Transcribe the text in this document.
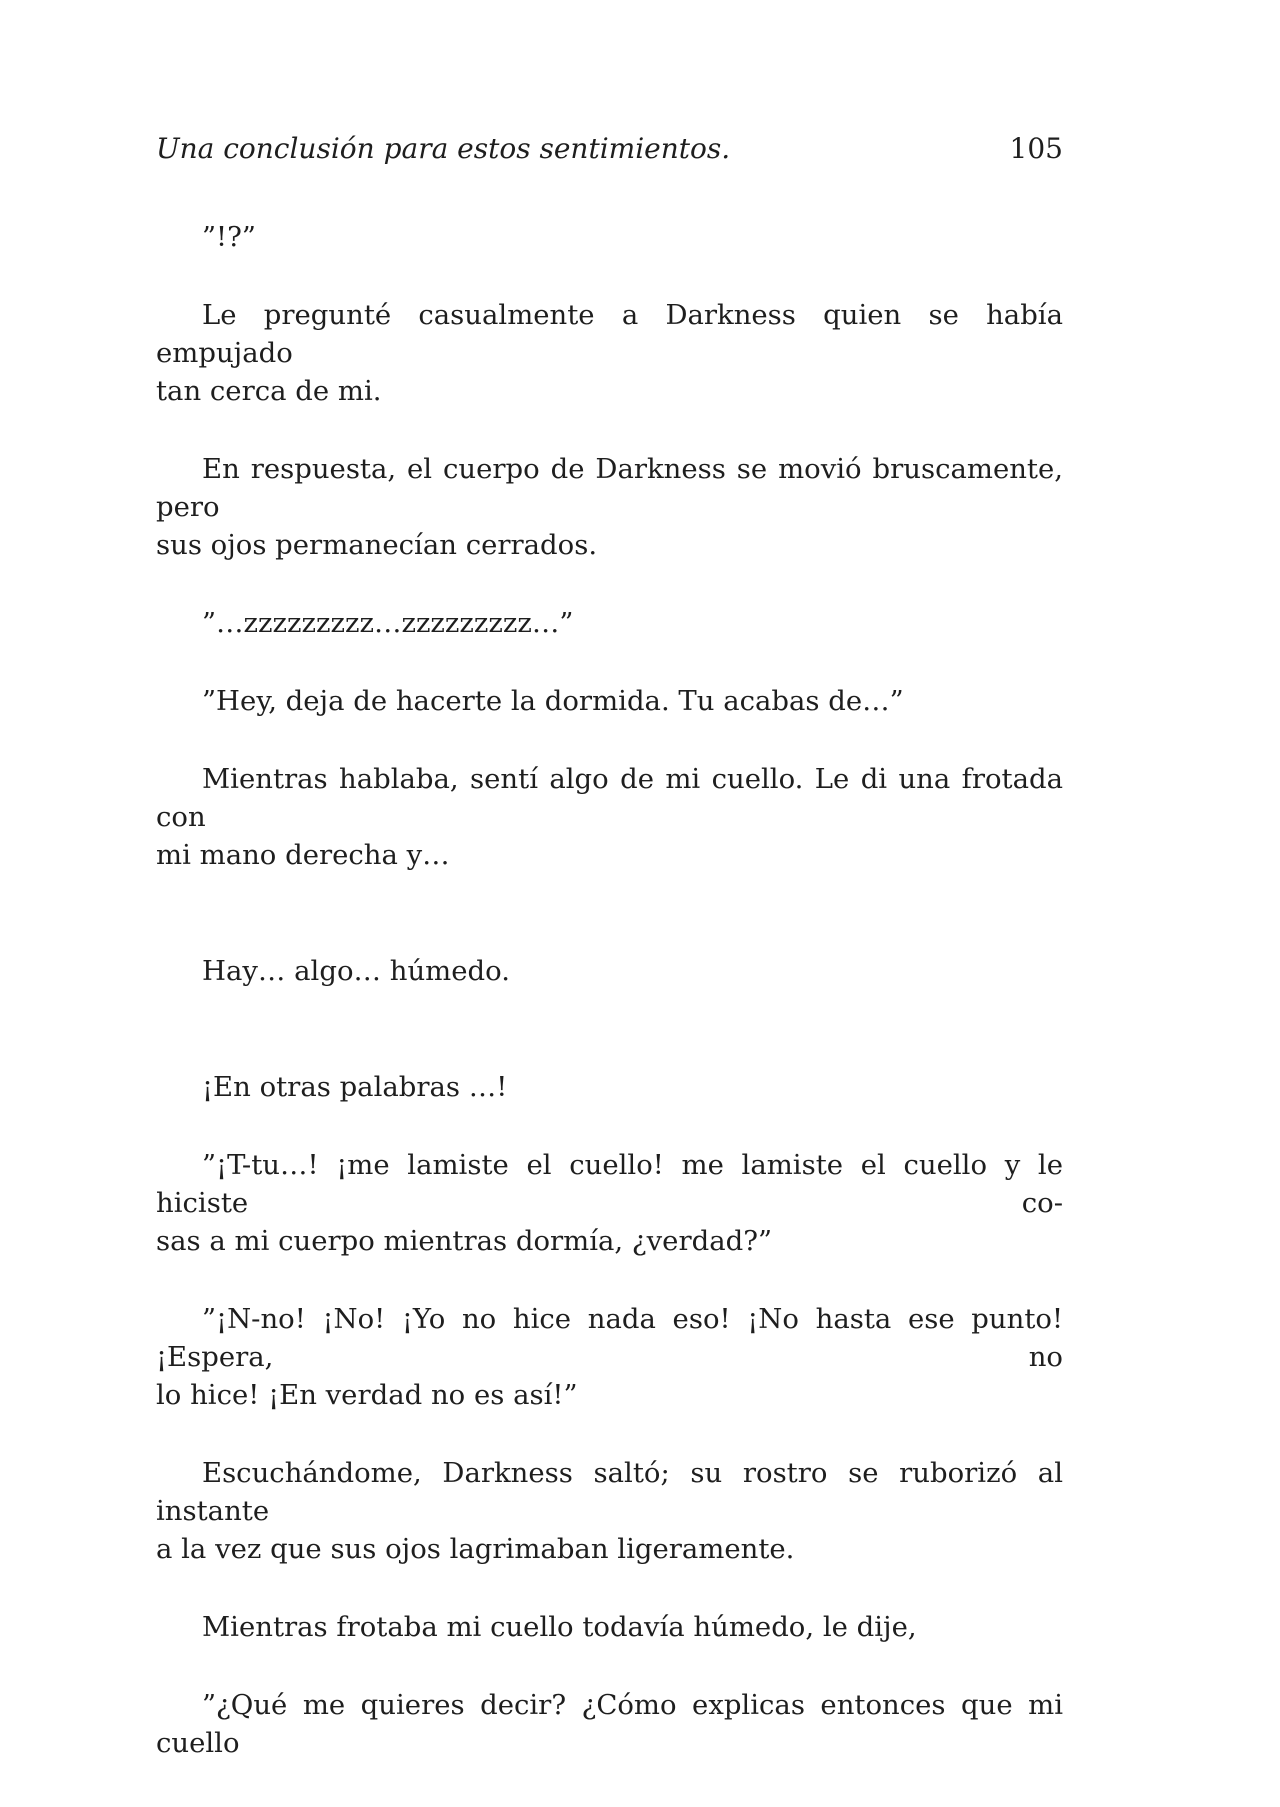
Una conclusión para estos sentimientos.	105

”!?”

Le pregunté casualmente a Darkness quien se había empujado
tan cerca de mi.

En respuesta, el cuerpo de Darkness se movió bruscamente, pero
sus ojos permanecían cerrados.

”…zzzzzzzzz…zzzzzzzzz…”

”Hey, deja de hacerte la dormida. Tu acabas de…”

Mientras hablaba, sentí algo de mi cuello. Le di una frotada con
mi mano derecha y…

Hay… algo… húmedo.

¡En otras palabras …!

”¡T-tu…! ¡me lamiste el cuello! me lamiste el cuello y le hiciste co-
sas a mi cuerpo mientras dormía, ¿verdad?”

”¡N-no! ¡No! ¡Yo no hice nada eso! ¡No hasta ese punto! ¡Espera, no
lo hice! ¡En verdad no es así!”

Escuchándome, Darkness saltó; su rostro se ruborizó al instante
a la vez que sus ojos lagrimaban ligeramente.

Mientras frotaba mi cuello todavía húmedo, le dije,

”¿Qué me quieres decir? ¿Cómo explicas entonces que mi cuello
